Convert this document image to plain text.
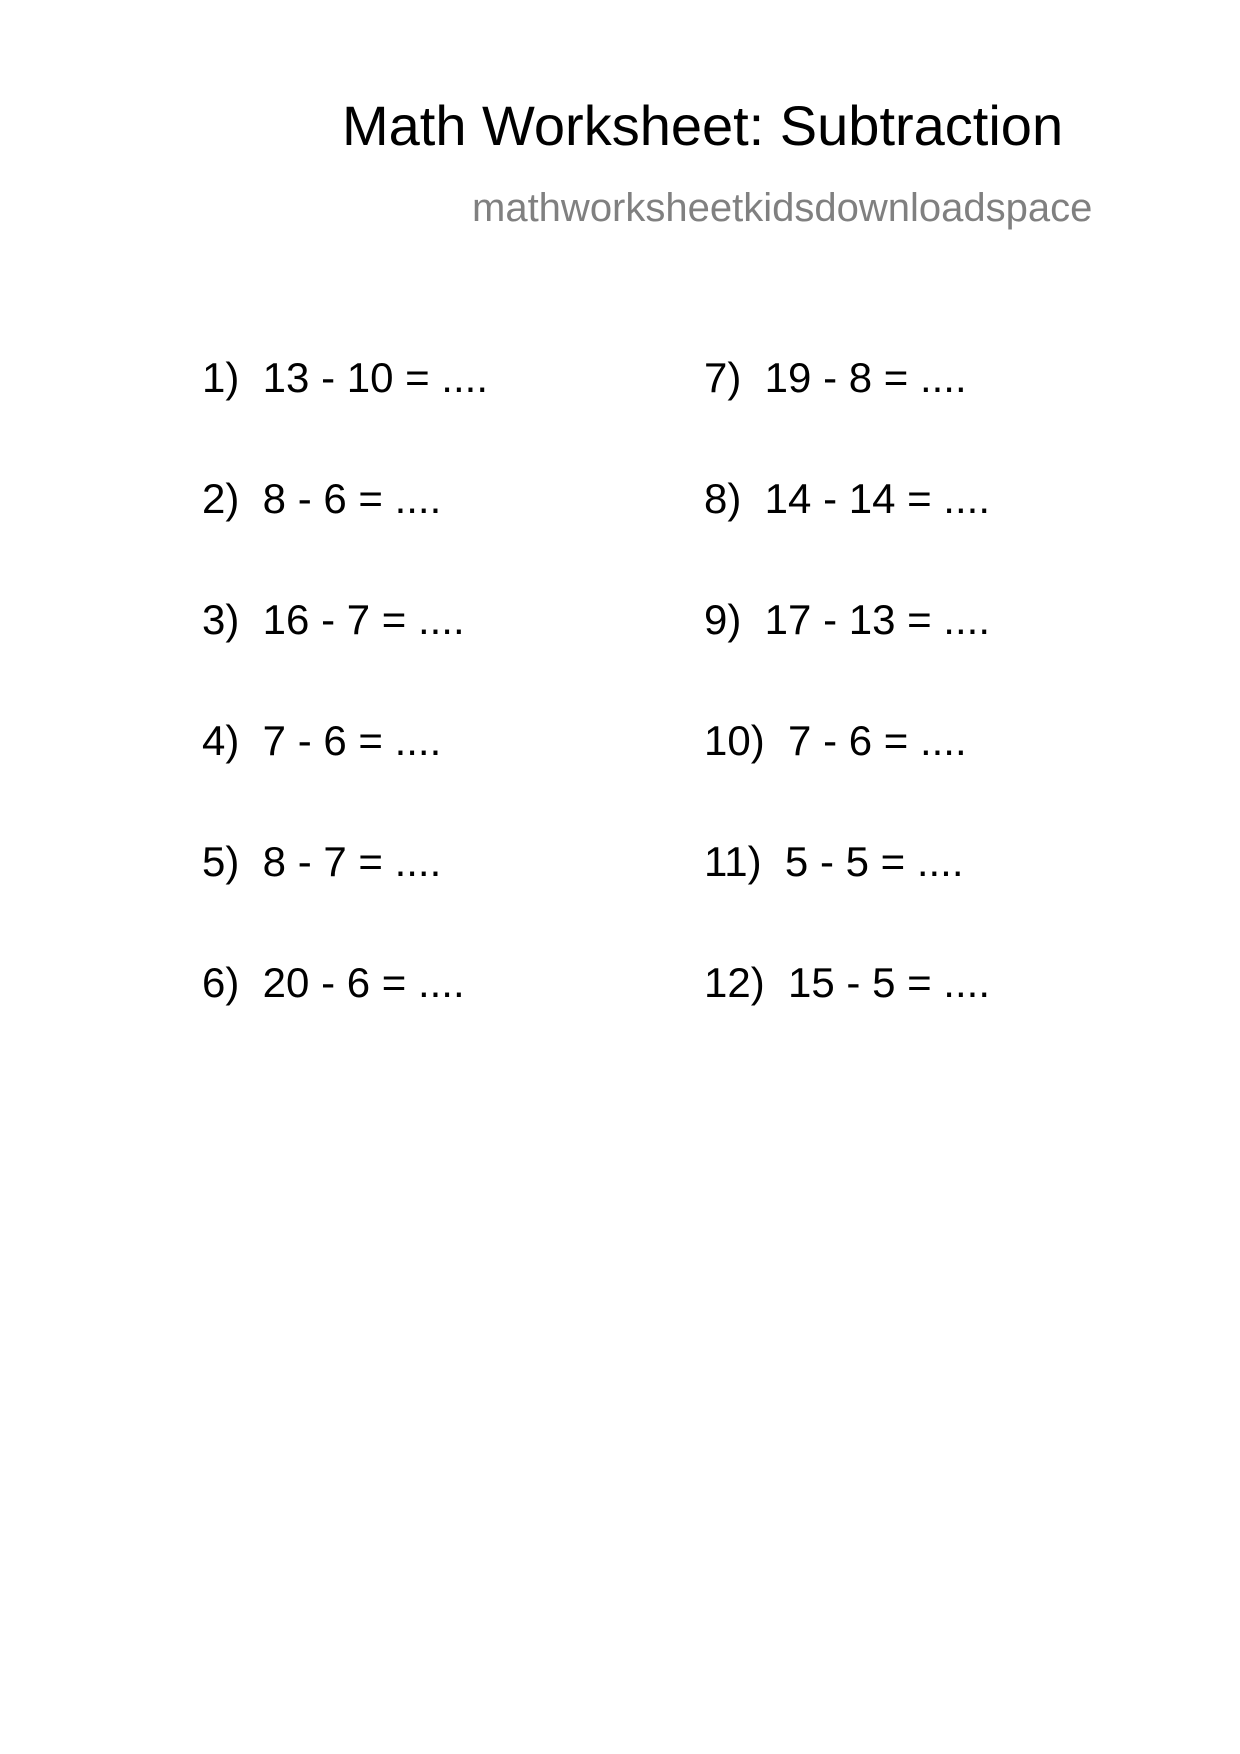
Math Worksheet: Subtraction
mathworksheetkidsdownloadspace
1)  13 - 10 = ....
2)  8 - 6 = ....
3)  16 - 7 = ....
4)  7 - 6 = ....
5)  8 - 7 = ....
6)  20 - 6 = ....
7)  19 - 8 = ....
8)  14 - 14 = ....
9)  17 - 13 = ....
10)  7 - 6 = ....
11)  5 - 5 = ....
12)  15 - 5 = ....
